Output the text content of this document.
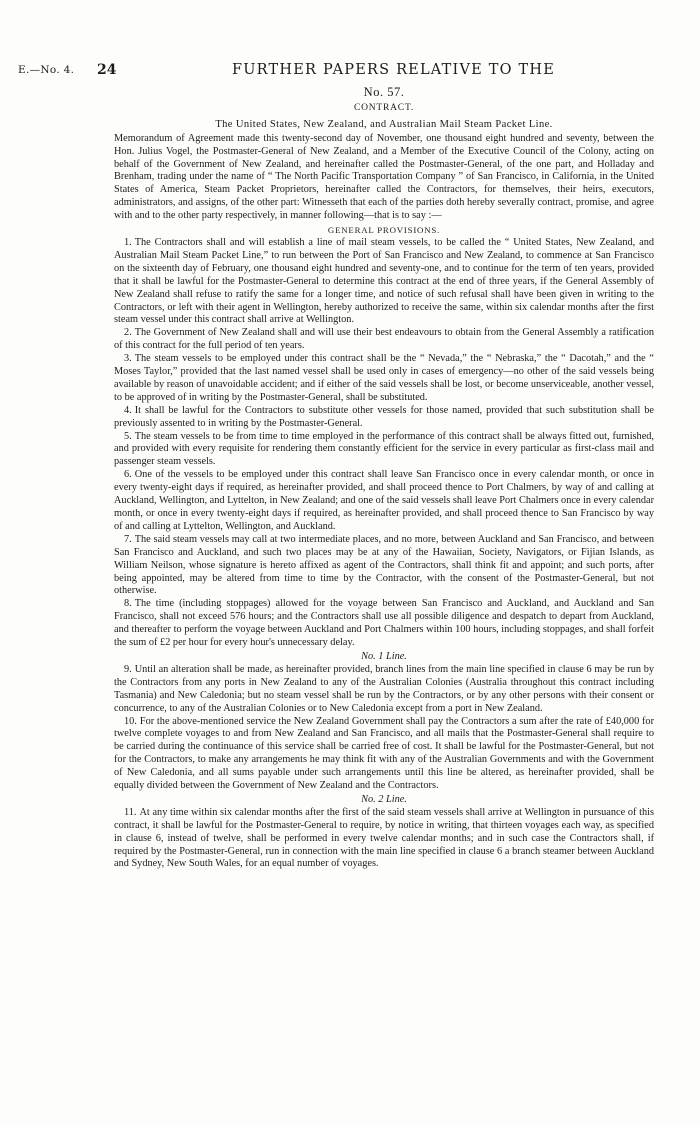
E.—No. 4. 24	FURTHER PAPERS RELATIVE TO THE
No. 57.
CONTRACT.
The United States, New Zealand, and Australian Mail Steam Packet Line.

Memorandum of Agreement made this twenty-second day of November, one thousand eight hundred and seventy, between the Hon. Julius Vogel, the Postmaster-General of New Zealand, and a Member of the Executive Council of the Colony, acting on behalf of the Government of New Zealand, and hereinafter called the Postmaster-General, of the one part, and Holladay and Brenham, trading under the name of “ The North Pacific Transportation Company ” of San Francisco, in California, in the United States of America, Steam Packet Proprietors, hereinafter called the Contractors, for themselves, their heirs, executors, administrators, and assigns, of the other part: Witnesseth that each of the parties doth hereby severally contract, promise, and agree with and to the other party respectively, in manner following—that is to say :—

GENERAL PROVISIONS.

1. The Contractors shall and will establish a line of mail steam vessels, to be called the “ United States, New Zealand, and Australian Mail Steam Packet Line,” to run between the Port of San Francisco and New Zealand, to commence at San Francisco on the sixteenth day of February, one thousand eight hundred and seventy-one, and to continue for the term of ten years, provided that it shall be lawful for the Postmaster-General to determine this contract at the end of three years, if the General Assembly of New Zealand shall refuse to ratify the same for a longer time, and notice of such refusal shall have been given in writing to the Contractors, or left with their agent in Wellington, hereby authorized to receive the same, within six calendar months after the first steam vessel under this contract shall arrive at Wellington.

2. The Government of New Zealand shall and will use their best endeavours to obtain from the General Assembly a ratification of this contract for the full period of ten years.

3. The steam vessels to be employed under this contract shall be the “ Nevada,” the “ Nebraska,” the “ Dacotah,” and the “ Moses Taylor,” provided that the last named vessel shall be used only in cases of emergency—no other of the said vessels being available by reason of unavoidable accident; and if either of the said vessels shall be lost, or become unserviceable, another vessel, to be approved of in writing by the Postmaster-General, shall be substituted.

4. It shall be lawful for the Contractors to substitute other vessels for those named, provided that such substitution shall be previously assented to in writing by the Postmaster-General.

5. The steam vessels to be from time to time employed in the performance of this contract shall be always fitted out, furnished, and provided with every requisite for rendering them constantly efficient for the service in every particular as first-class mail and passenger steam vessels.

6. One of the vessels to be employed under this contract shall leave San Francisco once in every calendar month, or once in every twenty-eight days if required, as hereinafter provided, and shall proceed thence to Port Chalmers, by way of and calling at Auckland, Wellington, and Lyttelton, in New Zealand; and one of the said vessels shall leave Port Chalmers once in every calendar month, or once in every twenty-eight days if required, as hereinafter provided, and shall proceed thence to San Francisco by way of and calling at Lyttelton, Wellington, and Auckland.

7. The said steam vessels may call at two intermediate places, and no more, between Auckland and San Francisco, and between San Francisco and Auckland, and such two places may be at any of the Hawaiian, Society, Navigators, or Fijian Islands, as William Neilson, whose signature is hereto affixed as agent of the Contractors, shall think fit and appoint; and such ports, after being appointed, may be altered from time to time by the Contractor, with the consent of the Postmaster-General, but not otherwise.

8. The time (including stoppages) allowed for the voyage between San Francisco and Auckland, and Auckland and San Francisco, shall not exceed 576 hours; and the Contractors shall use all possible diligence and despatch to depart from Auckland, and thereafter to perform the voyage between Auckland and Port Chalmers within 100 hours, including stoppages, and shall forfeit the sum of £2 per hour for every hour's unnecessary delay.

No. 1 Line.

9. Until an alteration shall be made, as hereinafter provided, branch lines from the main line specified in clause 6 may be run by the Contractors from any ports in New Zealand to any of the Australian Colonies (Australia throughout this contract including Tasmania) and New Caledonia; but no steam vessel shall be run by the Contractors, or by any other persons with their consent or concurrence, to any of the Australian Colonies or to New Caledonia except from a port in New Zealand.

10. For the above-mentioned service the New Zealand Government shall pay the Contractors a sum after the rate of £40,000 for twelve complete voyages to and from New Zealand and San Francisco, and all mails that the Postmaster-General shall require to be carried during the continuance of this service shall be carried free of cost. It shall be lawful for the Postmaster-General, but not for the Contractors, to make any arrangements he may think fit with any of the Australian Governments and with the Government of New Caledonia, and all sums payable under such arrangements until this line be altered, as hereinafter provided, shall be equally divided between the Government of New Zealand and the Contractors.

No. 2 Line.

11. At any time within six calendar months after the first of the said steam vessels shall arrive at Wellington in pursuance of this contract, it shall be lawful for the Postmaster-General to require, by notice in writing, that thirteen voyages each way, as specified in clause 6, instead of twelve, shall be performed in every twelve calendar months; and in such case the Contractors shall, if required by the Postmaster-General, run in connection with the main line specified in clause 6 a branch steamer between Auckland and Sydney, New South Wales, for an equal number of voyages.
